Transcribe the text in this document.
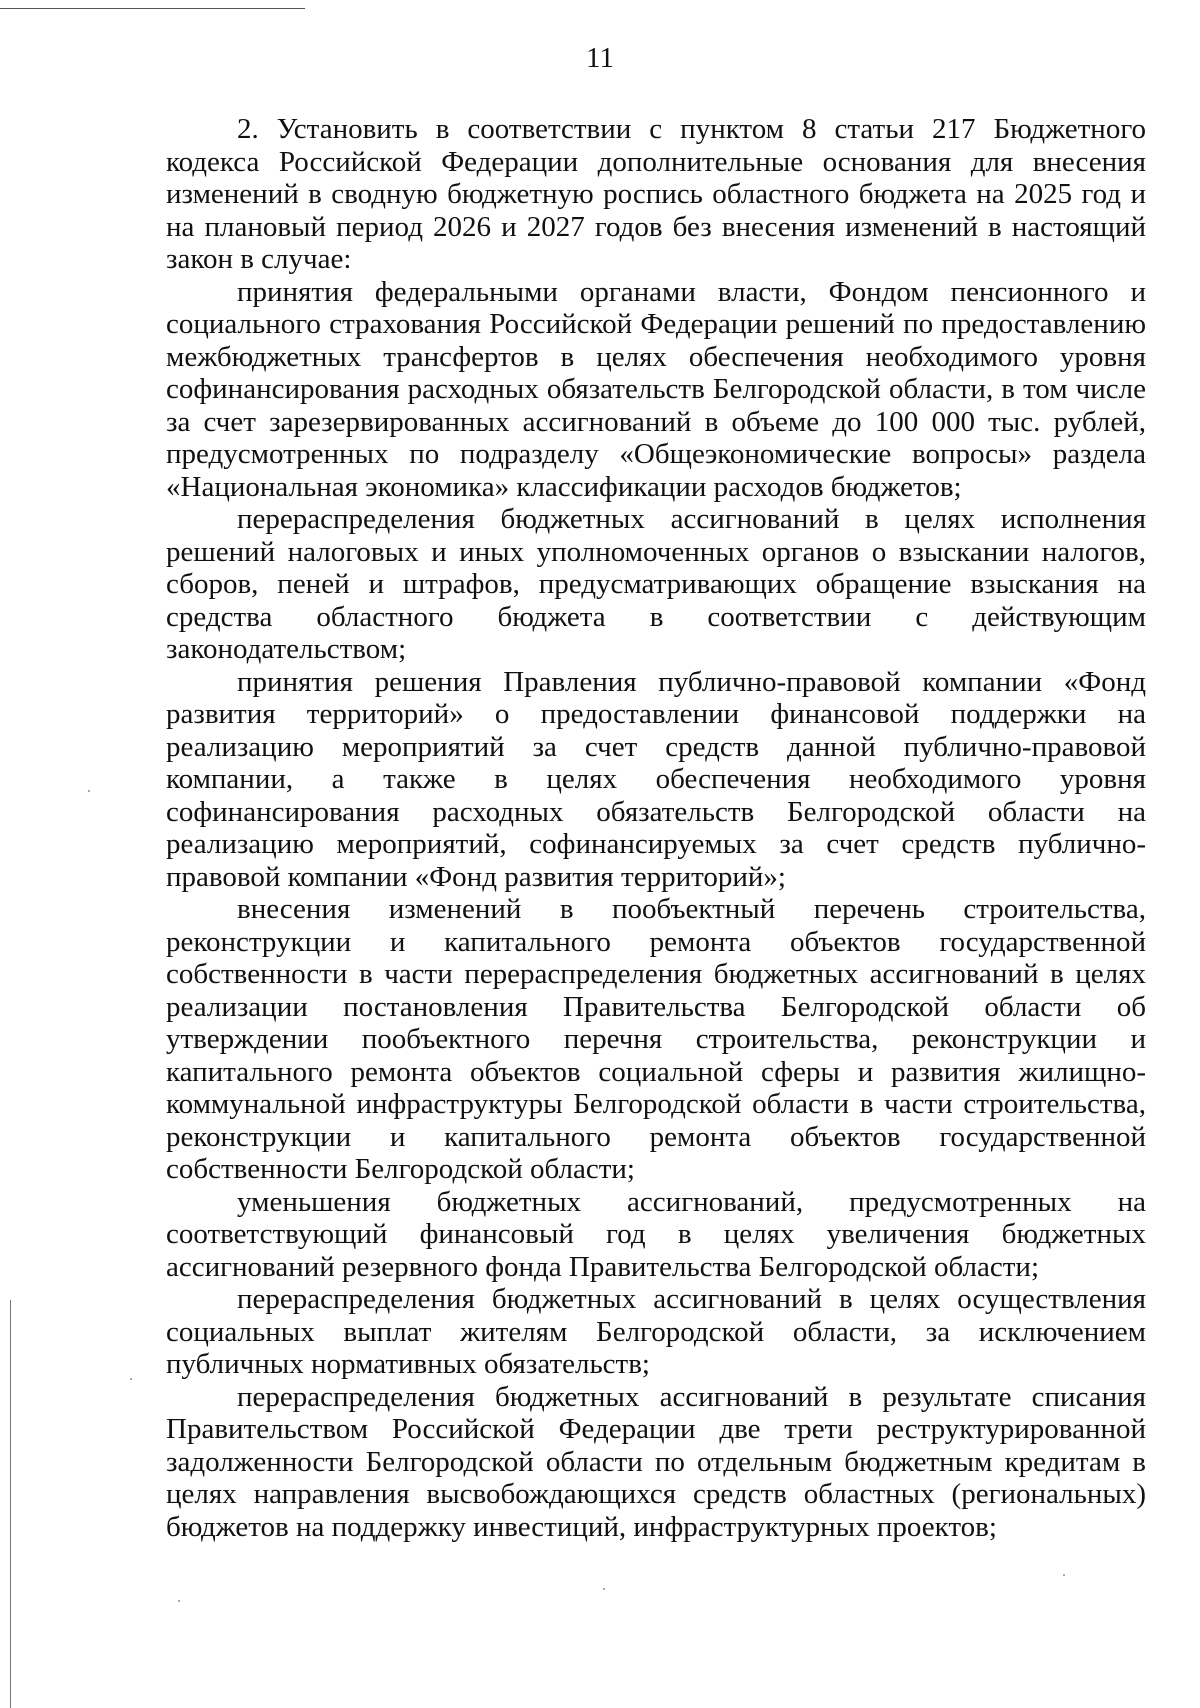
11

2. Установить в соответствии с пунктом 8 статьи 217 Бюджетного кодекса Российской Федерации дополнительные основания для внесения изменений в сводную бюджетную роспись областного бюджета на 2025 год и на плановый период 2026 и 2027 годов без внесения изменений в настоящий закон в случае:

принятия федеральными органами власти, Фондом пенсионного и социального страхования Российской Федерации решений по предоставлению межбюджетных трансфертов в целях обеспечения необходимого уровня софинансирования расходных обязательств Белгородской области, в том числе за счет зарезервированных ассигнований в объеме до 100 000 тыс. рублей, предусмотренных по подразделу «Общеэкономические вопросы» раздела «Национальная экономика» классификации расходов бюджетов;

перераспределения бюджетных ассигнований в целях исполнения решений налоговых и иных уполномоченных органов о взыскании налогов, сборов, пеней и штрафов, предусматривающих обращение взыскания на средства областного бюджета в соответствии с действующим законодательством;

принятия решения Правления публично-правовой компании «Фонд развития территорий» о предоставлении финансовой поддержки на реализацию мероприятий за счет средств данной публично-правовой компании, а также в целях обеспечения необходимого уровня софинансирования расходных обязательств Белгородской области на реализацию мероприятий, софинансируемых за счет средств публично-правовой компании «Фонд развития территорий»;

внесения изменений в пообъектный перечень строительства, реконструкции и капитального ремонта объектов государственной собственности в части перераспределения бюджетных ассигнований в целях реализации постановления Правительства Белгородской области об утверждении пообъектного перечня строительства, реконструкции и капитального ремонта объектов социальной сферы и развития жилищно-коммунальной инфраструктуры Белгородской области в части строительства, реконструкции и капитального ремонта объектов государственной собственности Белгородской области;

уменьшения бюджетных ассигнований, предусмотренных на соответствующий финансовый год в целях увеличения бюджетных ассигнований резервного фонда Правительства Белгородской области;

перераспределения бюджетных ассигнований в целях осуществления социальных выплат жителям Белгородской области, за исключением публичных нормативных обязательств;

перераспределения бюджетных ассигнований в результате списания Правительством Российской Федерации две трети реструктурированной задолженности Белгородской области по отдельным бюджетным кредитам в целях направления высвобождающихся средств областных (региональных) бюджетов на поддержку инвестиций, инфраструктурных проектов;
